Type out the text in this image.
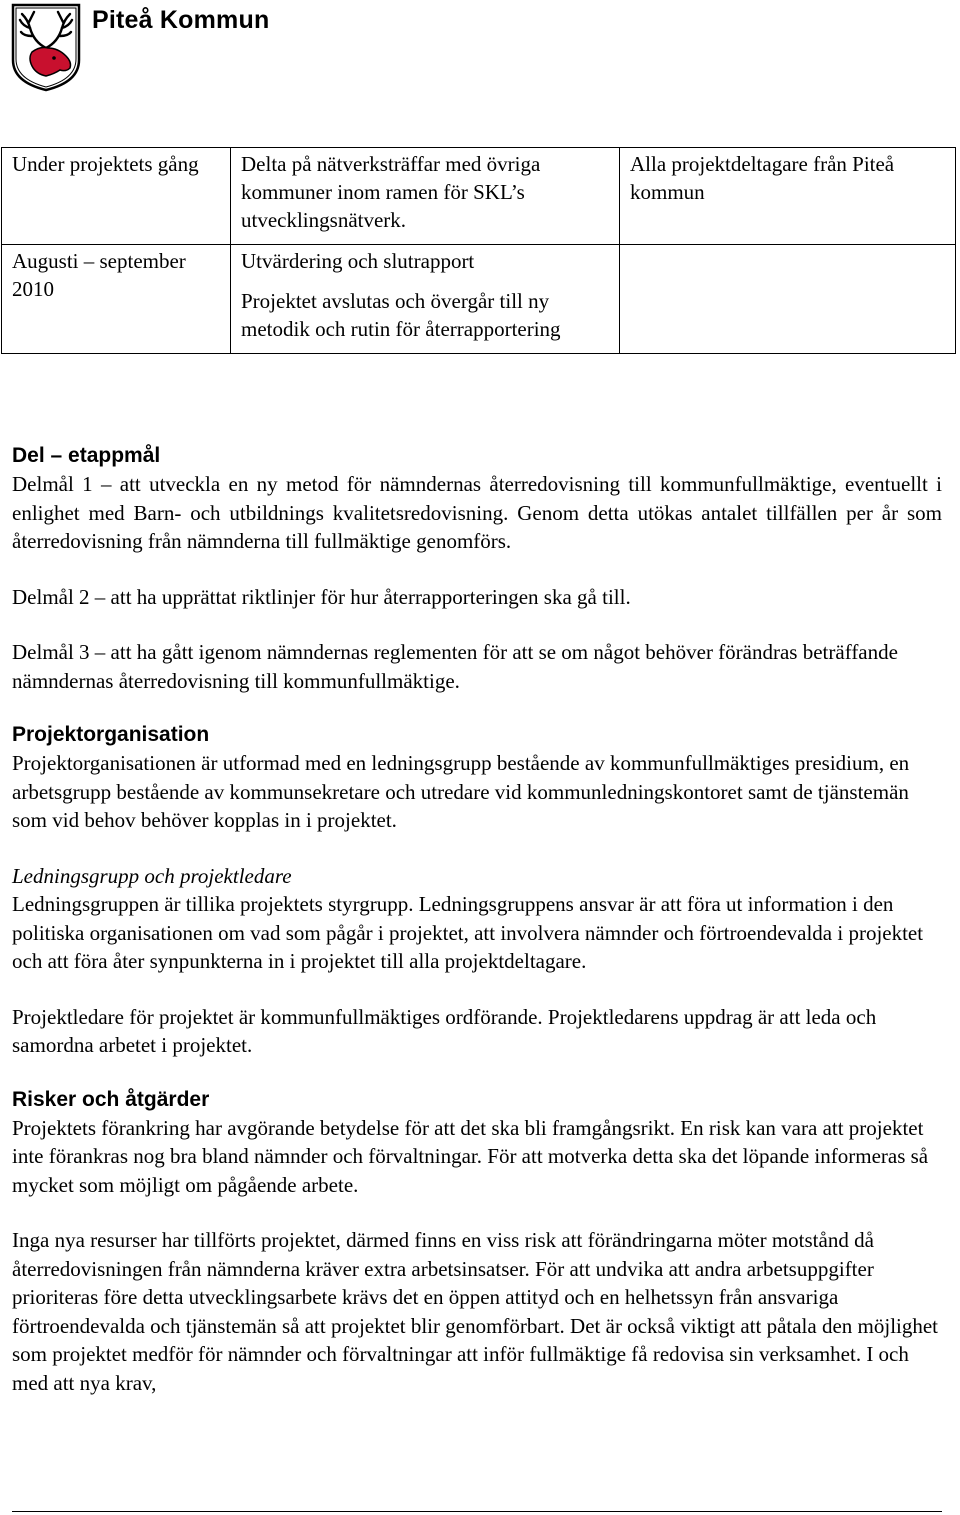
Piteå Kommun

Under projektets gång	Delta på nätverksträffar med övriga kommuner inom ramen för SKL’s utvecklingsnätverk.	Alla projektdeltagare från Piteå kommun

Augusti – september 2010	Utvärdering och slutrapport

Projektet avslutas och övergår till ny metodik och rutin för återrapportering	

Del – etappmål

Delmål 1 – att utveckla en ny metod för nämndernas återredovisning till kommunfullmäktige, eventuellt i enlighet med Barn- och utbildnings kvalitetsredovisning. Genom detta utökas antalet tillfällen per år som återredovisning från nämnderna till fullmäktige genomförs.

Delmål 2 – att ha upprättat riktlinjer för hur återrapporteringen ska gå till.

Delmål 3 – att ha gått igenom nämndernas reglementen för att se om något behöver förändras beträffande nämndernas återredovisning till kommunfullmäktige.

Projektorganisation

Projektorganisationen är utformad med en ledningsgrupp bestående av kommunfullmäktiges presidium, en arbetsgrupp bestående av kommunsekretare och utredare vid kommunledningskontoret samt de tjänstemän som vid behov behöver kopplas in i projektet.

Ledningsgrupp och projektledare

Ledningsgruppen är tillika projektets styrgrupp. Ledningsgruppens ansvar är att föra ut information i den politiska organisationen om vad som pågår i projektet, att involvera nämnder och förtroendevalda i projektet och att föra åter synpunkterna in i projektet till alla projektdeltagare.

Projektledare för projektet är kommunfullmäktiges ordförande. Projektledarens uppdrag är att leda och samordna arbetet i projektet.

Risker och åtgärder

Projektets förankring har avgörande betydelse för att det ska bli framgångsrikt. En risk kan vara att projektet inte förankras nog bra bland nämnder och förvaltningar. För att motverka detta ska det löpande informeras så mycket som möjligt om pågående arbete.

Inga nya resurser har tillförts projektet, därmed finns en viss risk att förändringarna möter motstånd då återredovisningen från nämnderna kräver extra arbetsinsatser. För att undvika att andra arbetsuppgifter prioriteras före detta utvecklingsarbete krävs det en öppen attityd och en helhetssyn från ansvariga förtroendevalda och tjänstemän så att projektet blir genomförbart. Det är också viktigt att påtala den möjlighet som projektet medför för nämnder och förvaltningar att inför fullmäktige få redovisa sin verksamhet. I och med att nya krav,
